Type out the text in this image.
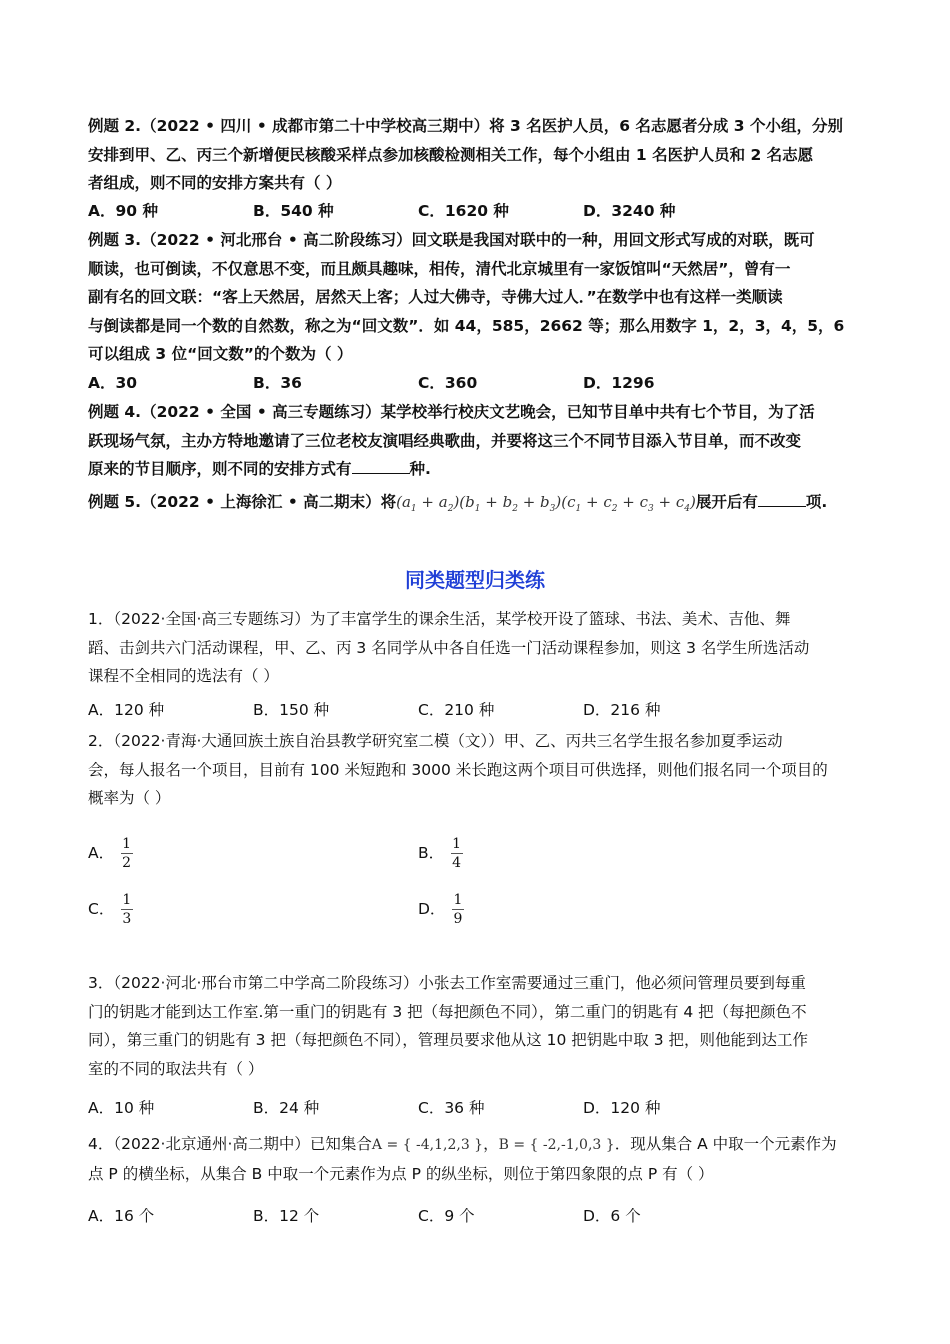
例题 2.（2022 • 四川 • 成都市第二十中学校高三期中）将 3 名医护人员，6 名志愿者分成 3 个小组，分别
安排到甲、乙、丙三个新增便民核酸采样点参加核酸检测相关工作，每个小组由 1 名医护人员和 2 名志愿
者组成，则不同的安排方案共有（ ）
A．90 种	B．540 种	C．1620 种	D．3240 种
例题 3.（2022 • 河北邢台 • 高二阶段练习）回文联是我国对联中的一种，用回文形式写成的对联，既可
顺读，也可倒读，不仅意思不变，而且颇具趣味，相传，清代北京城里有一家饭馆叫“天然居”，曾有一
副有名的回文联：“客上天然居，居然天上客；人过大佛寺，寺佛大过人．”在数学中也有这样一类顺读
与倒读都是同一个数的自然数，称之为“回文数”．如 44，585，2662 等；那么用数字 1，2，3，4，5，6
可以组成 3 位“回文数”的个数为（ ）
A．30	B．36	C．360	D．1296
例题 4.（2022 • 全国 • 高三专题练习）某学校举行校庆文艺晚会，已知节目单中共有七个节目，为了活
跃现场气氛，主办方特地邀请了三位老校友演唱经典歌曲，并要将这三个不同节目添入节目单，而不改变
原来的节目顺序，则不同的安排方式有	种.
例题 5.（2022 • 上海徐汇 • 高二期末）将$(a_1 + a_2)(b_1 + b_2 + b_3)(c_1 + c_2 + c_3 + c_4)$展开后有	项.
同类题型归类练
1．（2022·全国·高三专题练习）为了丰富学生的课余生活，某学校开设了篮球、书法、美术、吉他、舞
蹈、击剑共六门活动课程，甲、乙、丙 3 名同学从中各自任选一门活动课程参加，则这 3 名学生所选活动
课程不全相同的选法有（ ）
A．120 种	B．150 种	C．210 种	D．216 种
2．（2022·青海·大通回族土族自治县教学研究室二模（文））甲、乙、丙共三名学生报名参加夏季运动
会，每人报名一个项目，目前有 100 米短跑和 3000 米长跑这两个项目可供选择，则他们报名同一个项目的
概率为（ ）
A． $\frac{1}{2}$	B． $\frac{1}{4}$
C． $\frac{1}{3}$	D． $\frac{1}{9}$
3．（2022·河北·邢台市第二中学高二阶段练习）小张去工作室需要通过三重门，他必须问管理员要到每重
门的钥匙才能到达工作室.第一重门的钥匙有 3 把（每把颜色不同），第二重门的钥匙有 4 把（每把颜色不
同），第三重门的钥匙有 3 把（每把颜色不同），管理员要求他从这 10 把钥匙中取 3 把，则他能到达工作
室的不同的取法共有（ ）
A．10 种	B．24 种	C．36 种	D．120 种
4．（2022·北京通州·高二期中）已知集合A = { -4,1,2,3 }，B = { -2,-1,0,3 }．现从集合 A 中取一个元素作为
点 P 的横坐标，从集合 B 中取一个元素作为点 P 的纵坐标，则位于第四象限的点 P 有（ ）
A．16 个	B．12 个	C．9 个	D．6 个
